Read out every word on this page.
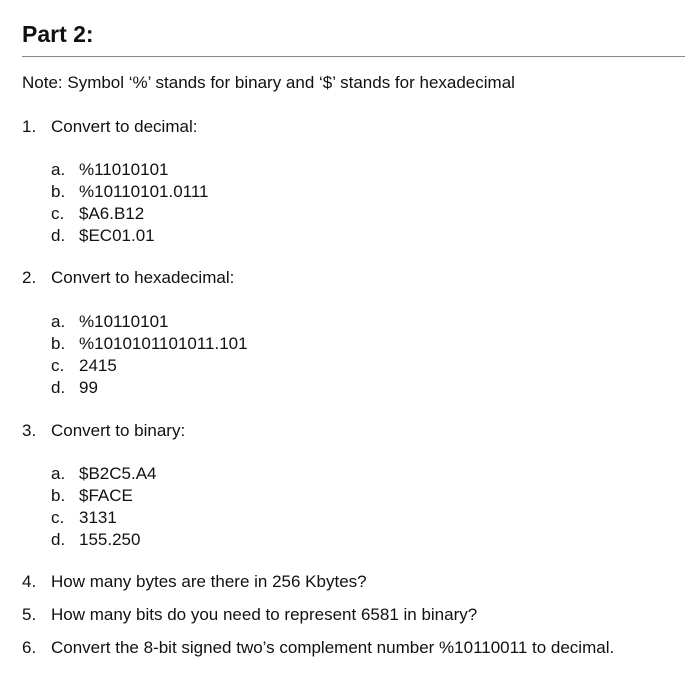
Part 2:
Note: Symbol ‘%’ stands for binary and ‘$’ stands for hexadecimal
1. Convert to decimal:
a. %11010101
b. %10110101.0111
c. $A6.B12
d. $EC01.01
2. Convert to hexadecimal:
a. %10110101
b. %1010101101011.101
c. 2415
d. 99
3. Convert to binary:
a. $B2C5.A4
b. $FACE
c. 3131
d. 155.250
4. How many bytes are there in 256 Kbytes?
5. How many bits do you need to represent 6581 in binary?
6. Convert the 8-bit signed two’s complement number %10110011 to decimal.
